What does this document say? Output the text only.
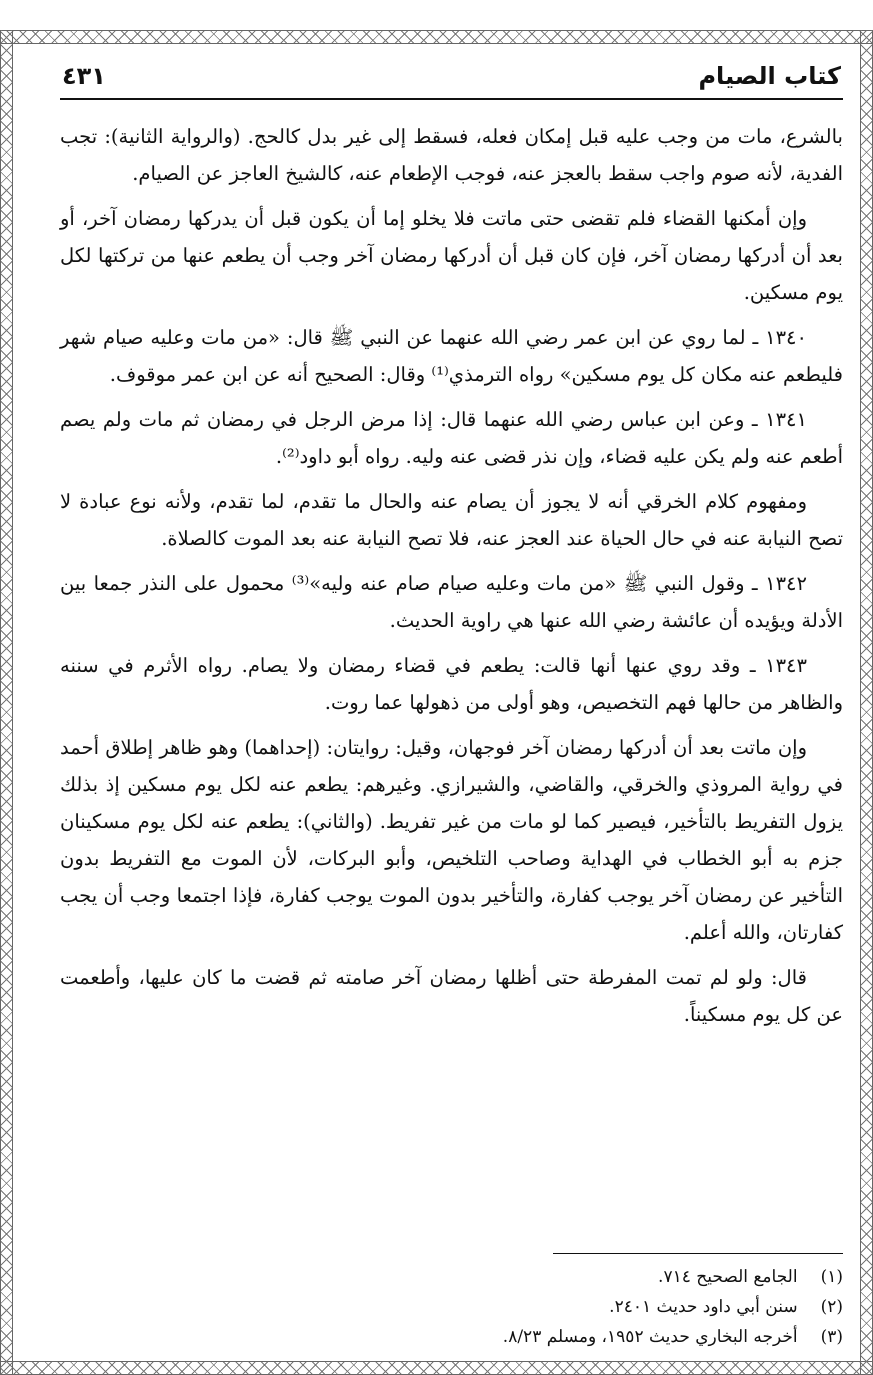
كتاب الصيام
٤٣١

بالشرع، مات من وجب عليه قبل إمكان فعله، فسقط إلى غير بدل كالحج. (والرواية الثانية): تجب الفدية، لأنه صوم واجب سقط بالعجز عنه، فوجب الإطعام عنه، كالشيخ العاجز عن الصيام.

وإن أمكنها القضاء فلم تقضى حتى ماتت فلا يخلو إما أن يكون قبل أن يدركها رمضان آخر، أو بعد أن أدركها رمضان آخر، فإن كان قبل أن أدركها رمضان آخر وجب أن يطعم عنها من تركتها لكل يوم مسكين.

١٣٤٠ ـ لما روي عن ابن عمر رضي الله عنهما عن النبي ﷺ قال: «من مات وعليه صيام شهر فليطعم عنه مكان كل يوم مسكين» رواه الترمذي⁽¹⁾ وقال: الصحيح أنه عن ابن عمر موقوف.

١٣٤١ ـ وعن ابن عباس رضي الله عنهما قال: إذا مرض الرجل في رمضان ثم مات ولم يصم أطعم عنه ولم يكن عليه قضاء، وإن نذر قضى عنه وليه. رواه أبو داود⁽²⁾.

ومفهوم كلام الخرقي أنه لا يجوز أن يصام عنه والحال ما تقدم، لما تقدم، ولأنه نوع عبادة لا تصح النيابة عنه في حال الحياة عند العجز عنه، فلا تصح النيابة عنه بعد الموت كالصلاة.

١٣٤٢ ـ وقول النبي ﷺ «من مات وعليه صيام صام عنه وليه»⁽³⁾ محمول على النذر جمعا بين الأدلة ويؤيده أن عائشة رضي الله عنها هي راوية الحديث.

١٣٤٣ ـ وقد روي عنها أنها قالت: يطعم في قضاء رمضان ولا يصام. رواه الأثرم في سننه والظاهر من حالها فهم التخصيص، وهو أولى من ذهولها عما روت.

وإن ماتت بعد أن أدركها رمضان آخر فوجهان، وقيل: روايتان: (إحداهما) وهو ظاهر إطلاق أحمد في رواية المروذي والخرقي، والقاضي، والشيرازي. وغيرهم: يطعم عنه لكل يوم مسكين إذ بذلك يزول التفريط بالتأخير، فيصير كما لو مات من غير تفريط. (والثاني): يطعم عنه لكل يوم مسكينان جزم به أبو الخطاب في الهداية وصاحب التلخيص، وأبو البركات، لأن الموت مع التفريط بدون التأخير عن رمضان آخر يوجب كفارة، والتأخير بدون الموت يوجب كفارة، فإذا اجتمعا وجب أن يجب كفارتان، والله أعلم.

قال: ولو لم تمت المفرطة حتى أظلها رمضان آخر صامته ثم قضت ما كان عليها، وأطعمت عن كل يوم مسكيناً.

(١) الجامع الصحيح ٧١٤.
(٢) سنن أبي داود حديث ٢٤٠١.
(٣) أخرجه البخاري حديث ١٩٥٢، ومسلم ٨/٢٣.
